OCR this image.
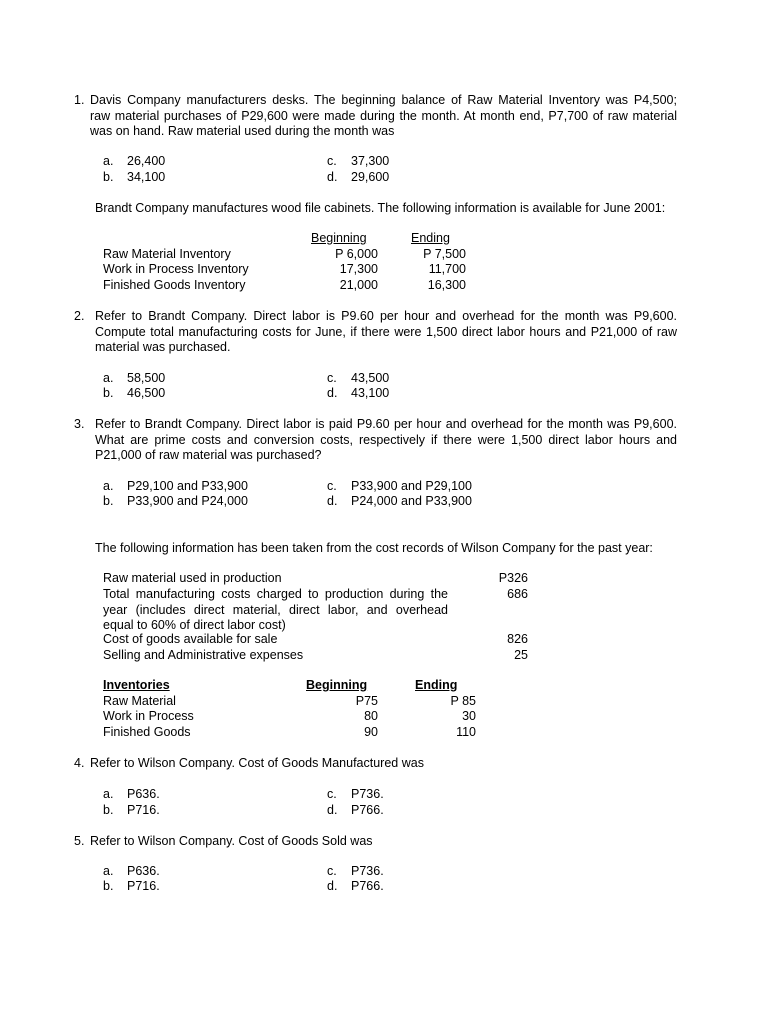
1. Davis Company manufacturers desks. The beginning balance of Raw Material Inventory was P4,500;
raw material purchases of P29,600 were made during the month. At month end, P7,700 of raw material
was on hand. Raw material used during the month was
a. 26,400
b. 34,100
c. 37,300
d. 29,600
Brandt Company manufactures wood file cabinets. The following information is available for June 2001:
Beginning	Ending
Raw Material Inventory	P 6,000	P 7,500
Work in Process Inventory	17,300	11,700
Finished Goods Inventory	21,000	16,300
2. Refer to Brandt Company. Direct labor is P9.60 per hour and overhead for the month was P9,600.
Compute total manufacturing costs for June, if there were 1,500 direct labor hours and P21,000 of raw
material was purchased.
a. 58,500
b. 46,500
c. 43,500
d. 43,100
3. Refer to Brandt Company. Direct labor is paid P9.60 per hour and overhead for the month was P9,600.
What are prime costs and conversion costs, respectively if there were 1,500 direct labor hours and
P21,000 of raw material was purchased?
a. P29,100 and P33,900
b. P33,900 and P24,000
c. P33,900 and P29,100
d. P24,000 and P33,900
The following information has been taken from the cost records of Wilson Company for the past year:
Raw material used in production	P326
Total manufacturing costs charged to production during the
year (includes direct material, direct labor, and overhead
equal to 60% of direct labor cost)
686
Cost of goods available for sale	826
Selling and Administrative expenses	25
Inventories	Beginning	Ending
Raw Material	P75	P 85
Work in Process	80	30
Finished Goods	90	110
4. Refer to Wilson Company. Cost of Goods Manufactured was
a. P636.
b. P716.
c. P736.
d. P766.
5. Refer to Wilson Company. Cost of Goods Sold was
a. P636.
b. P716.
c. P736.
d. P766.
